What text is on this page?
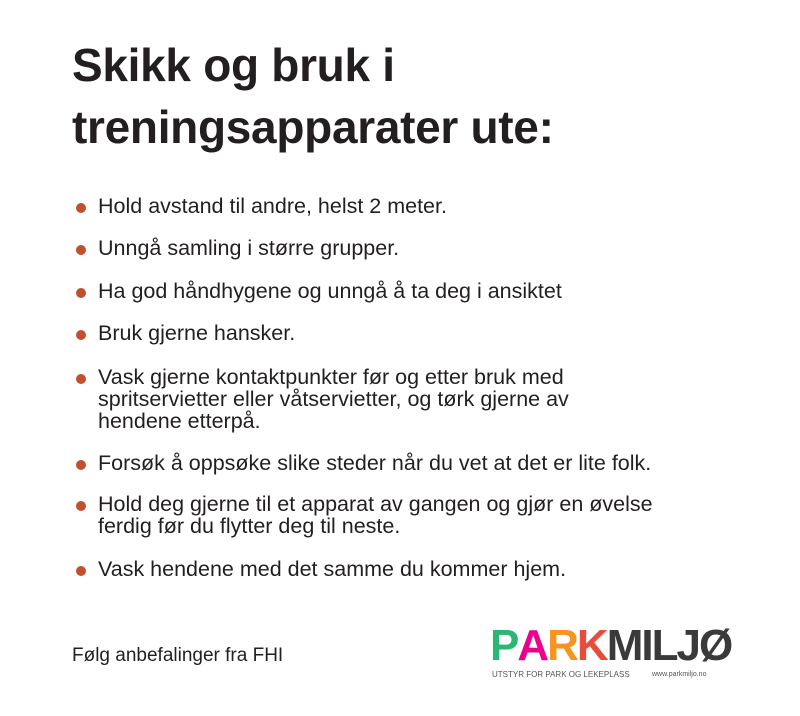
Skikk og bruk i
treningsapparater ute:
Hold avstand til andre, helst 2 meter.
Unngå samling i større grupper.
Ha god håndhygene og unngå å ta deg i ansiktet
Bruk gjerne hansker.
Vask gjerne kontaktpunkter før og etter bruk med
spritservietter eller våtservietter, og tørk gjerne av
hendene etterpå.
Forsøk å oppsøke slike steder når du vet at det er lite folk.
Hold deg gjerne til et apparat av gangen og gjør en øvelse
ferdig før du flytter deg til neste.
Vask hendene med det samme du kommer hjem.
Følg anbefalinger fra FHI	PARKMILJØ
UTSTYR FOR PARK OG LEKEPLASS	www.parkmiljo.no
